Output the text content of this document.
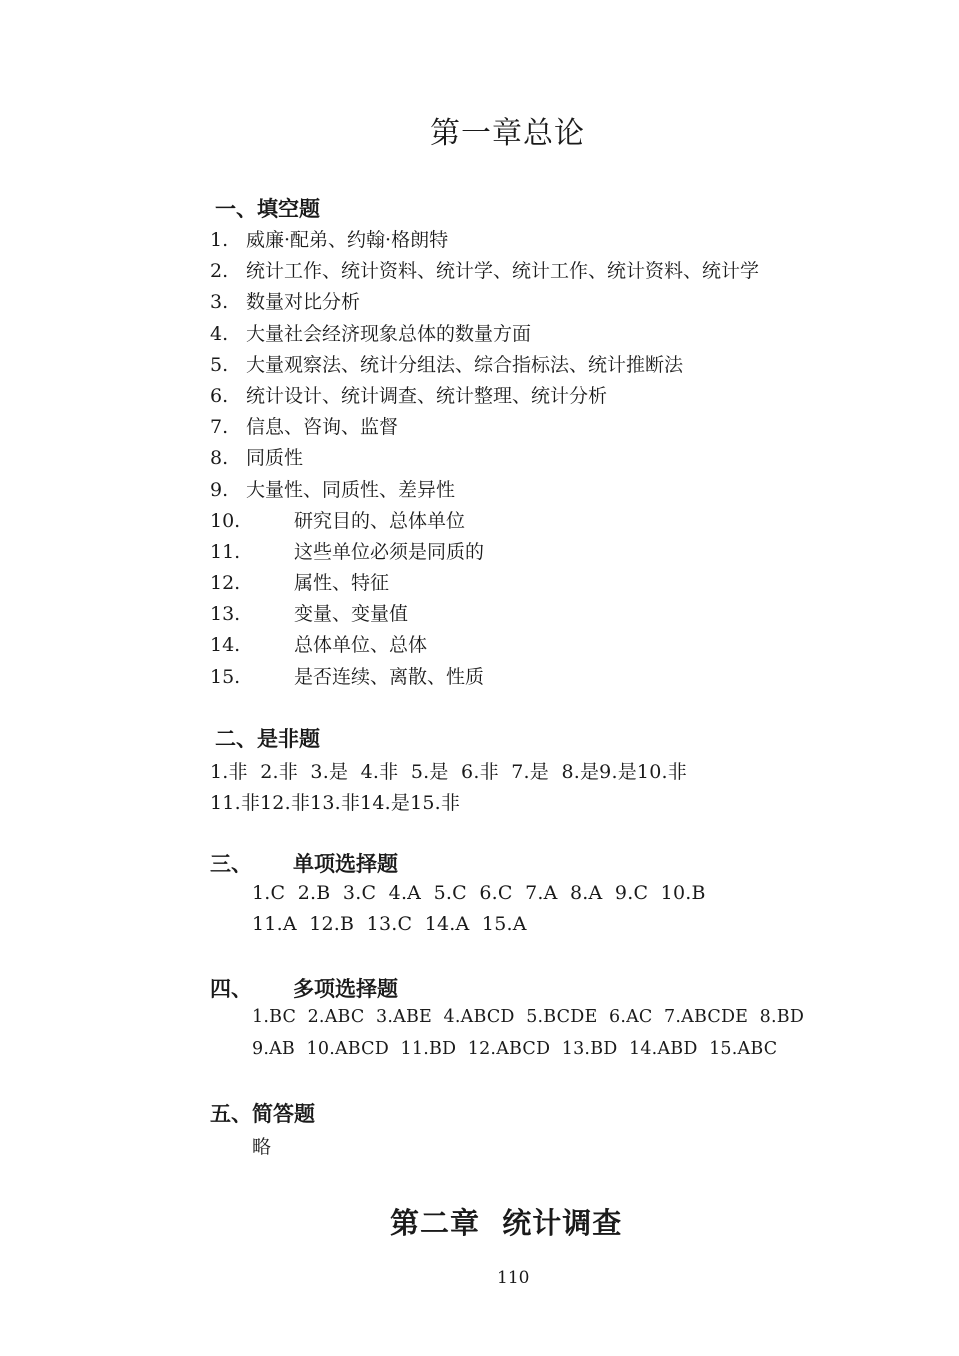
第一章总论
一、填空题
1. 威廉·配弟、约翰·格朗特
2. 统计工作、统计资料、统计学、统计工作、统计资料、统计学
3. 数量对比分析
4. 大量社会经济现象总体的数量方面
5. 大量观察法、统计分组法、综合指标法、统计推断法
6. 统计设计、统计调查、统计整理、统计分析
7. 信息、咨询、监督
8. 同质性
9. 大量性、同质性、差异性
10.	研究目的、总体单位
11.	这些单位必须是同质的
12.	属性、特征
13.	变量、变量值
14.	总体单位、总体
15.	是否连续、离散、性质
二、是非题
1.非  2.非  3.是  4.非  5.是  6.非  7.是  8.是9.是10.非
11.非12.非13.非14.是15.非
三、 单项选择题
1.C  2.B  3.C  4.A  5.C  6.C  7.A  8.A  9.C  10.B
11.A  12.B  13.C  14.A  15.A
四、 多项选择题
1.BC  2.ABC  3.ABE  4.ABCD  5.BCDE  6.AC  7.ABCDE  8.BD
9.AB  10.ABCD  11.BD  12.ABCD  13.BD  14.ABD  15.ABC
五、简答题
略
第二章  统计调查
110
